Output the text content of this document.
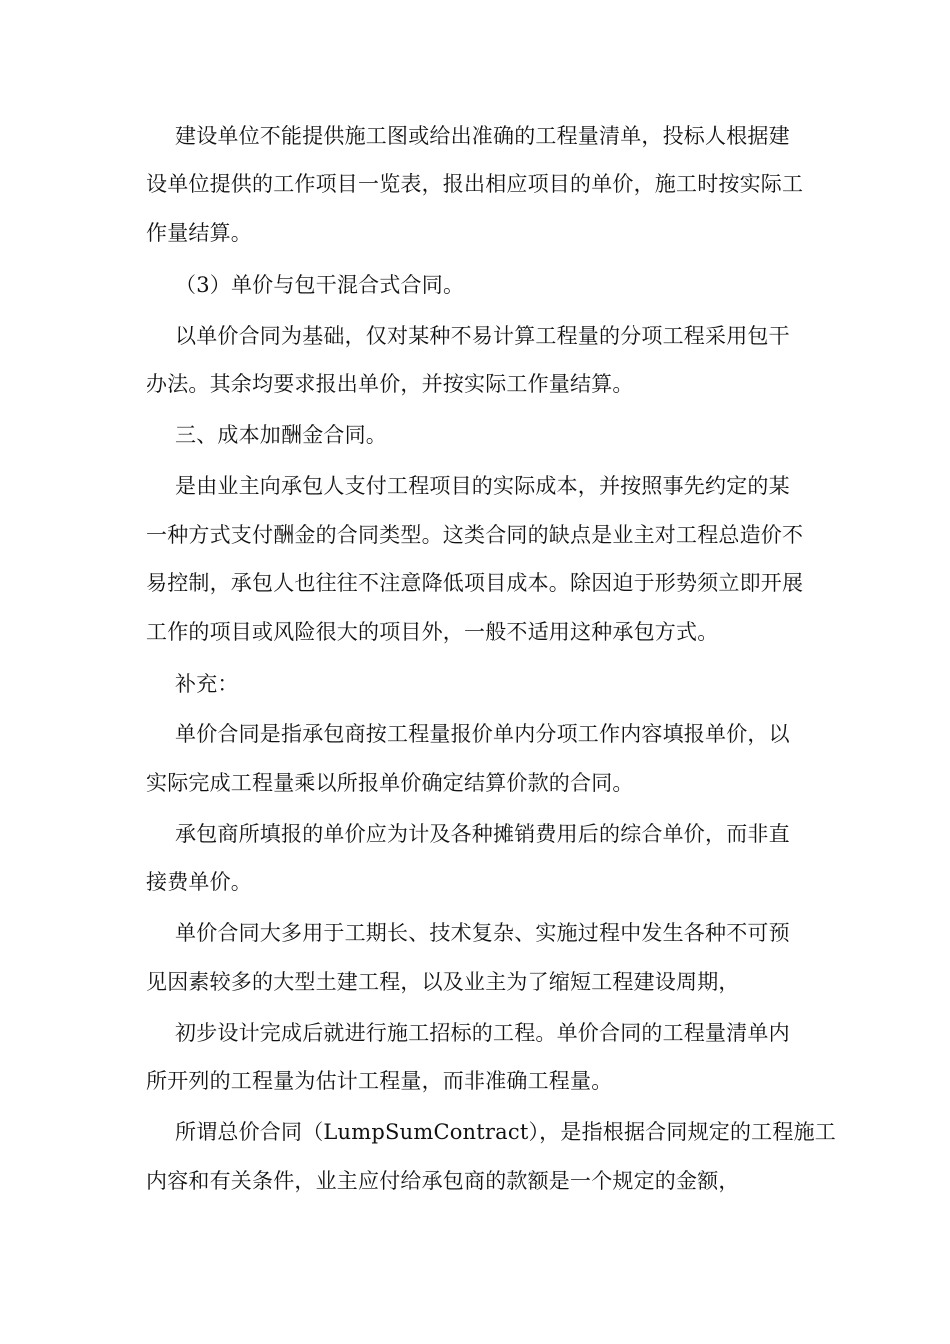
建设单位不能提供施工图或给出准确的工程量清单，投标人根据建
设单位提供的工作项目一览表，报出相应项目的单价，施工时按实际工
作量结算。
（3）单价与包干混合式合同。
以单价合同为基础，仅对某种不易计算工程量的分项工程采用包干
办法。其余均要求报出单价，并按实际工作量结算。
三、成本加酬金合同。
是由业主向承包人支付工程项目的实际成本，并按照事先约定的某
一种方式支付酬金的合同类型。这类合同的缺点是业主对工程总造价不
易控制，承包人也往往不注意降低项目成本。除因迫于形势须立即开展
工作的项目或风险很大的项目外，一般不适用这种承包方式。
补充：
单价合同是指承包商按工程量报价单内分项工作内容填报单价，以
实际完成工程量乘以所报单价确定结算价款的合同。
承包商所填报的单价应为计及各种摊销费用后的综合单价，而非直
接费单价。
单价合同大多用于工期长、技术复杂、实施过程中发生各种不可预
见因素较多的大型土建工程，以及业主为了缩短工程建设周期，
初步设计完成后就进行施工招标的工程。单价合同的工程量清单内
所开列的工程量为估计工程量，而非准确工程量。
所谓总价合同（LumpSumContract），是指根据合同规定的工程施工
内容和有关条件，业主应付给承包商的款额是一个规定的金额，
